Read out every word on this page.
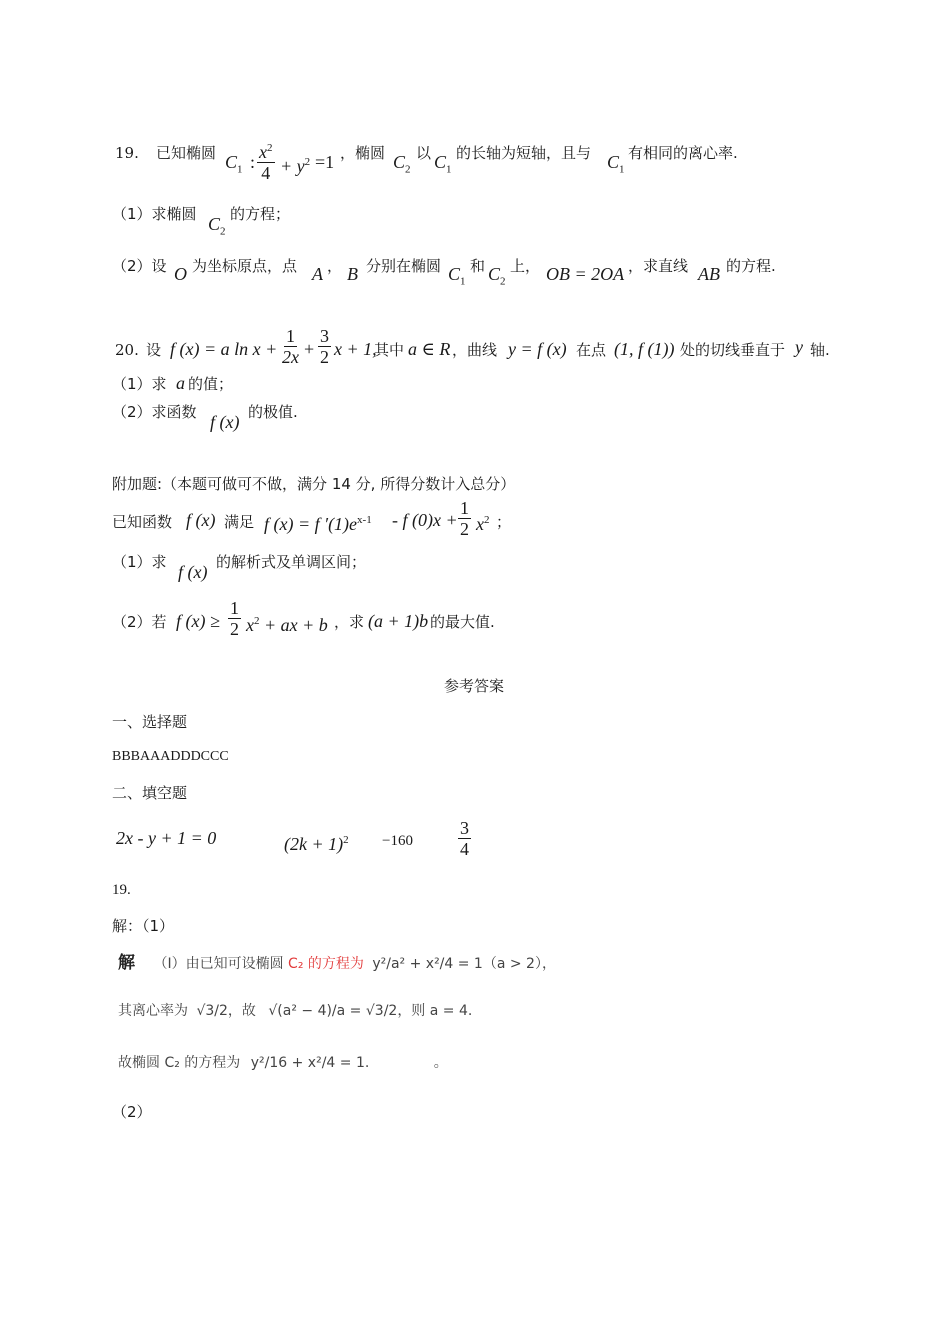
19. 已知椭圆 $C_1$ : $\frac{x^2}{4} + y^2 =1$ ，椭圆 $C_2$
以 $C_1$
的长轴为短轴，且与 $C_1$
有相同的离心率.
（1）求椭圆 $C_2$
的方程；
（2）设 O 为坐标原点，点 A ， B 分别在椭圆 $C_1$
和 $C_2$
上， OB = 2OA ，求直线 AB 的方程.
20. 设 f (x) = a $\ln x + \frac{1}{2x} + \frac{3}{2}$ x + 1,
其中 a ∈ R ，曲线 y = f (x) 在点 (1, f (1)) 处的切线垂直于 y 轴.
（1）求 a 的值；
（2）求函数 f (x) 的极值.
附加题:（本题可做可不做，满分 14 分, 所得分数计入总分）
已知函数 f (x) 满足 f (x) = f $'(1)e^{x-1}$ - f $(0)x + \frac{1}{2} x^2$ ；
（1）求 f (x) 的解析式及单调区间；
（2）若 f $(x) \ge \frac{1}{2} x^2$ + ax + b ，求 (a + 1)b 的最大值.
参考答案
一、选择题
BBBAAADDDCCC
二、填空题
2x - y + 1 = 0	$(2k + 1)^2 -160$	$\frac{3}{4}$
19.
解：（1）
解 （Ⅰ）由已知可设椭圆 C₂ 的方程为 y²/a² + x²/4 = 1（a > 2），
其离心率为 √3/2，故 √(a² − 4)/a = √3/2，则 a = 4.
故椭圆 C₂ 的方程为 y²/16 + x²/4 = 1.	。
（2）
